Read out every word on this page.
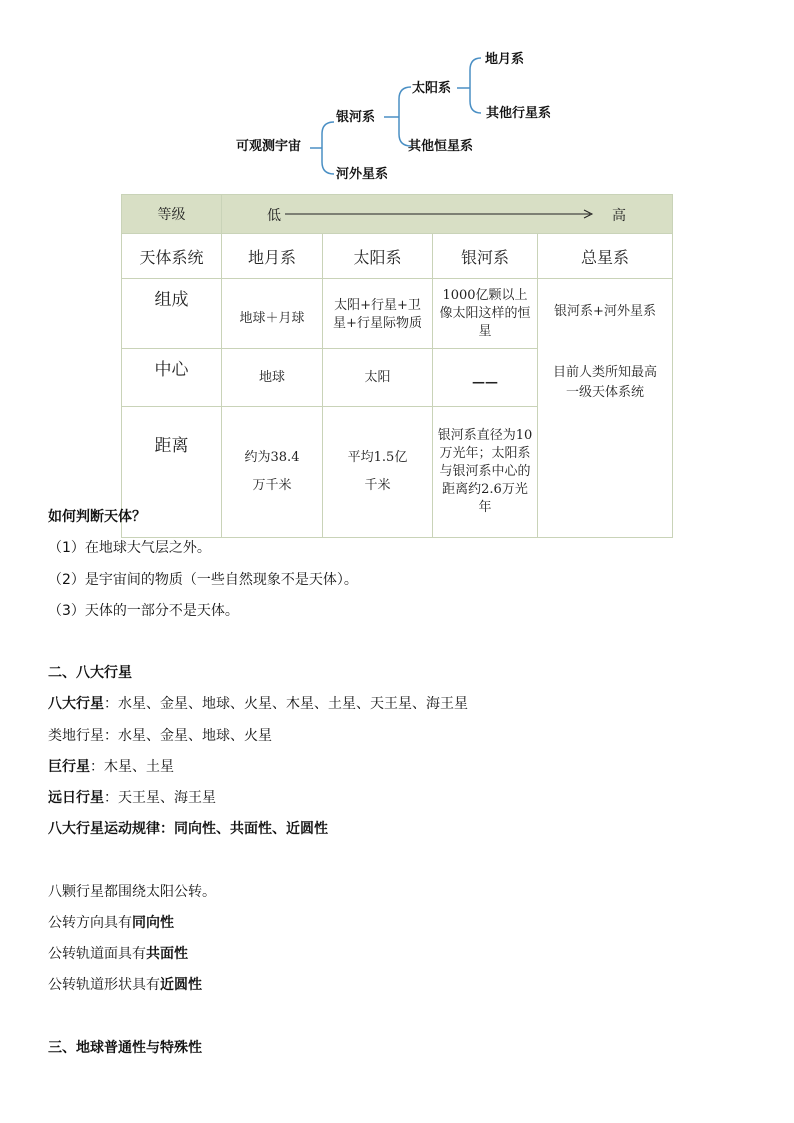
可观测宇宙
银河系
河外星系
太阳系
其他恒星系
地月系
其他行星系
等级	低 高			

天体系统	地月系	太阳系	银河系	总星系
组成	地球＋月球	太阳+行星+卫星+行星际物质	1000亿颗以上像太阳这样的恒星	银河系+河外星系
目前人类所知最高一级天体系统

中心	地球	太阳	——	
距离	约为38.4万千米	平均1.5亿千米	银河系直径为10万光年；太阳系与银河系中心的距离约2.6万光年	
如何判断天体？
（1）在地球大气层之外。
（2）是宇宙间的物质（一些自然现象不是天体）。
（3）天体的一部分不是天体。
二、八大行星
八大行星：水星、金星、地球、火星、木星、土星、天王星、海王星
类地行星：水星、金星、地球、火星
巨行星：木星、土星
远日行星：天王星、海王星
八大行星运动规律：同向性、共面性、近圆性
八颗行星都围绕太阳公转。
公转方向具有同向性
公转轨道面具有共面性
公转轨道形状具有近圆性
三、地球普通性与特殊性
